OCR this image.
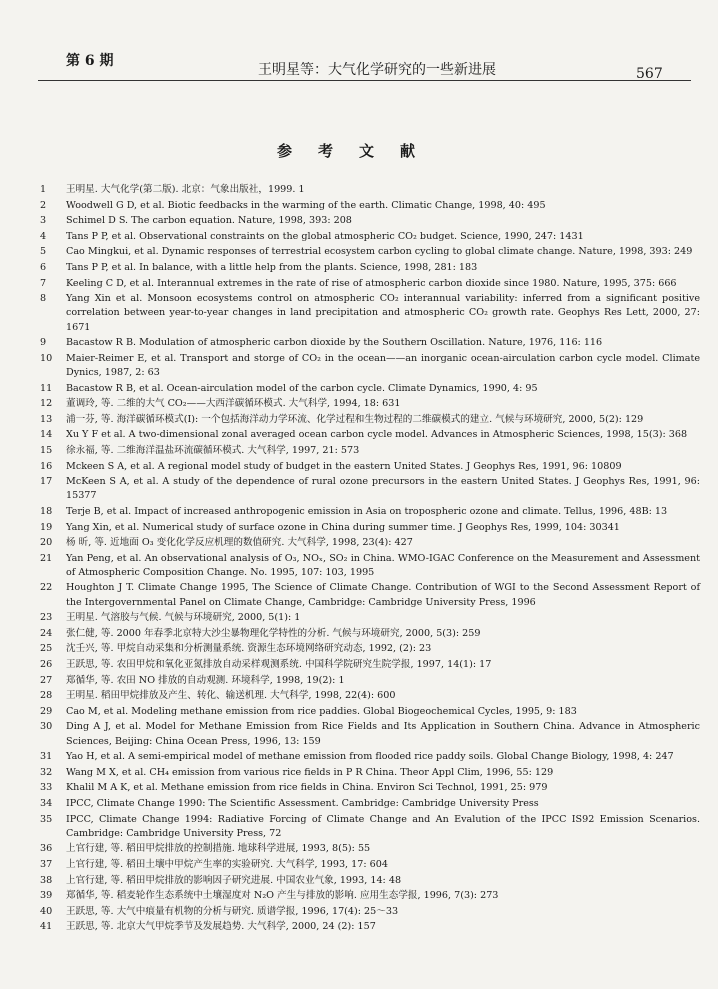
第 6 期
王明星等：大气化学研究的一些新进展	567
参考文献
1	王明星. 大气化学(第二版). 北京：气象出版社，1999. 1
2	Woodwell G D, et al. Biotic feedbacks in the warming of the earth. Climatic Change, 1998, 40: 495
3	Schimel D S. The carbon equation. Nature, 1998, 393: 208
4	Tans P P, et al. Observational constraints on the global atmospheric CO₂ budget. Science, 1990, 247: 1431
5	Cao Mingkui, et al. Dynamic responses of terrestrial ecosystem carbon cycling to global climate change. Nature, 1998, 393: 249
6	Tans P P, et al. In balance, with a little help from the plants. Science, 1998, 281: 183
7	Keeling C D, et al. Interannual extremes in the rate of rise of atmospheric carbon dioxide since 1980. Nature, 1995, 375: 666
8	Yang Xin et al. Monsoon ecosystems control on atmospheric CO₂ interannual variability: inferred from a significant positive correlation between year-to-year changes in land precipitation and atmospheric CO₂ growth rate. Geophys Res Lett, 2000, 27: 1671
9	Bacastow R B. Modulation of atmospheric carbon dioxide by the Southern Oscillation. Nature, 1976, 116: 116
10	Maier-Reimer E, et al. Transport and storge of CO₂ in the ocean——an inorganic ocean-airculation carbon cycle model. Climate Dynics, 1987, 2: 63
11	Bacastow R B, et al. Ocean-airculation model of the carbon cycle. Climate Dynamics, 1990, 4: 95
12	董调玲, 等. 二维的大气 CO₂——大西洋碳循环模式. 大气科学, 1994, 18: 631
13	浦一芬, 等. 海洋碳循环模式(Ⅰ): 一个包括海洋动力学环流、化学过程和生物过程的二维碳模式的建立. 气候与环境研究, 2000, 5(2): 129
14	Xu Y F et al. A two-dimensional zonal averaged ocean carbon cycle model. Advances in Atmospheric Sciences, 1998, 15(3): 368
15	徐永福, 等. 二维海洋温盐环流碳循环模式. 大气科学, 1997, 21: 573
16	Mckeen S A, et al. A regional model study of budget in the eastern United States. J Geophys Res, 1991, 96: 10809
17	McKeen S A, et al. A study of the dependence of rural ozone precursors in the eastern United States. J Geophys Res, 1991, 96: 15377
18	Terje B, et al. Impact of increased anthropogenic emission in Asia on tropospheric ozone and climate. Tellus, 1996, 48B: 13
19	Yang Xin, et al. Numerical study of surface ozone in China during summer time. J Geophys Res, 1999, 104: 30341
20	杨 昕, 等. 近地面 O₃ 变化化学反应机理的数值研究. 大气科学, 1998, 23(4): 427
21	Yan Peng, et al. An observational analysis of O₃, NOₓ, SO₂ in China. WMO-IGAC Conference on the Measurement and Assessment of Atmospheric Composition Change. No. 1995, 107: 103, 1995
22	Houghton J T. Climate Change 1995, The Science of Climate Change. Contribution of WGI to the Second Assessment Report of the Intergovernmental Panel on Climate Change, Cambridge: Cambridge University Press, 1996
23	王明星. 气溶胶与气候. 气候与环境研究, 2000, 5(1): 1
24	张仁健, 等. 2000 年春季北京特大沙尘暴物理化学特性的分析. 气候与环境研究, 2000, 5(3): 259
25	沈壬兴, 等. 甲烷自动采集和分析测量系统. 资源生态环境网络研究动态, 1992, (2): 23
26	王跃思, 等. 农田甲烷和氧化亚氮排放自动采样观测系统. 中国科学院研究生院学报, 1997, 14(1): 17
27	郑循华, 等. 农田 NO 排放的自动观测. 环境科学, 1998, 19(2): 1
28	王明星. 稻田甲烷排放及产生、转化、输送机理. 大气科学, 1998, 22(4): 600
29	Cao M, et al. Modeling methane emission from rice paddies. Global Biogeochemical Cycles, 1995, 9: 183
30	Ding A J, et al. Model for Methane Emission from Rice Fields and Its Application in Southern China. Advance in Atmospheric Sciences, Beijing: China Ocean Press, 1996, 13: 159
31	Yao H, et al. A semi-empirical model of methane emission from flooded rice paddy soils. Global Change Biology, 1998, 4: 247
32	Wang M X, et al. CH₄ emission from various rice fields in P R China. Theor Appl Clim, 1996, 55: 129
33	Khalil M A K, et al. Methane emission from rice fields in China. Environ Sci Technol, 1991, 25: 979
34	IPCC, Climate Change 1990: The Scientific Assessment. Cambridge: Cambridge University Press
35	IPCC, Climate Change 1994: Radiative Forcing of Climate Change and An Evalution of the IPCC IS92 Emission Scenarios. Cambridge: Cambridge University Press, 72
36	上官行建, 等. 稻田甲烷排放的控制措施. 地球科学进展, 1993, 8(5): 55
37	上官行建, 等. 稻田土壤中甲烷产生率的实验研究. 大气科学, 1993, 17: 604
38	上官行建, 等. 稻田甲烷排放的影响因子研究进展. 中国农业气象, 1993, 14: 48
39	郑循华, 等. 稻麦轮作生态系统中土壤湿度对 N₂O 产生与排放的影响. 应用生态学报, 1996, 7(3): 273
40	王跃思, 等. 大气中痕量有机物的分析与研究. 质谱学报, 1996, 17(4): 25～33
41	王跃思, 等. 北京大气甲烷季节及发展趋势. 大气科学, 2000, 24 (2): 157
